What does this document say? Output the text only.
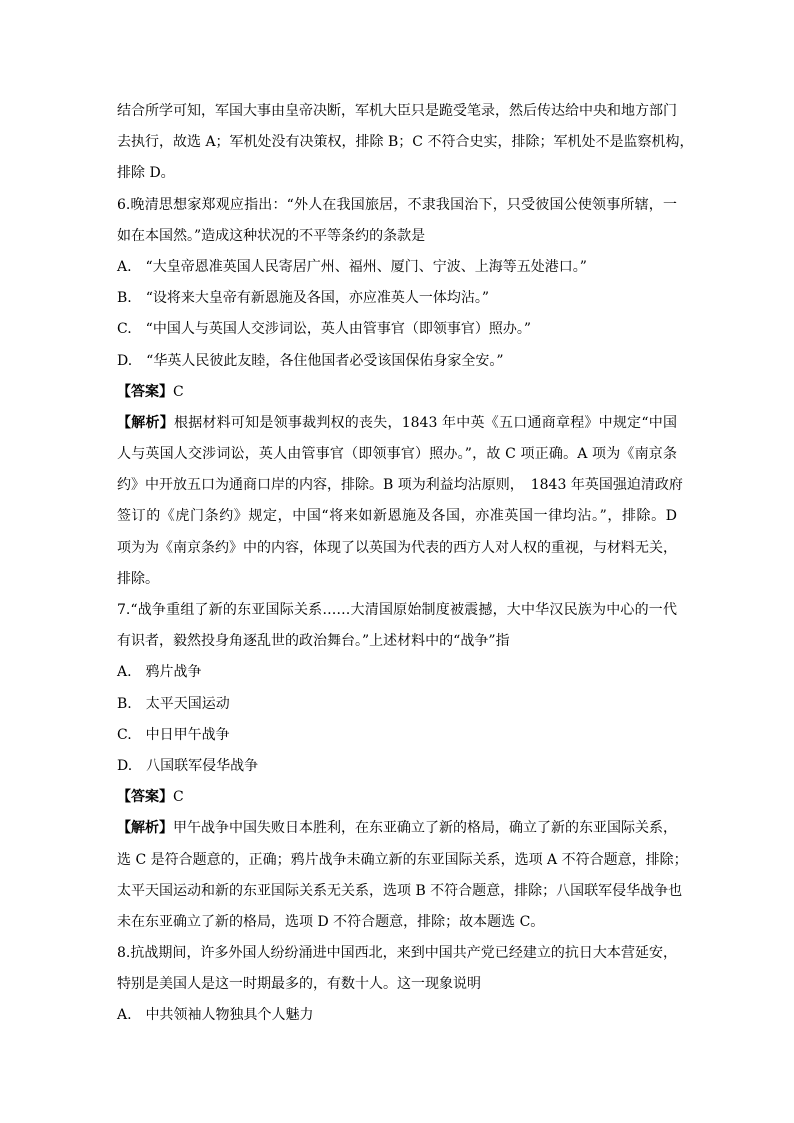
结合所学可知，军国大事由皇帝决断，军机大臣只是跪受笔录，然后传达给中央和地方部门
去执行，故选 A；军机处没有决策权，排除 B；C 不符合史实，排除；军机处不是监察机构，
排除 D。
6.晚清思想家郑观应指出：“外人在我国旅居，不隶我国治下，只受彼国公使领事所辖，一
如在本国然。”造成这种状况的不平等条约的条款是
A.　“大皇帝恩准英国人民寄居广州、福州、厦门、宁波、上海等五处港口。”
B.　“设将来大皇帝有新恩施及各国，亦应准英人一体均沾。”
C.　“中国人与英国人交涉词讼，英人由管事官（即领事官）照办。”
D.　“华英人民彼此友睦，各住他国者必受该国保佑身家全安。”
【答案】C
【解析】根据材料可知是领事裁判权的丧失，1843 年中英《五口通商章程》中规定“中国
人与英国人交涉词讼，英人由管事官（即领事官）照办。”，故 C 项正确。A 项为《南京条
约》中开放五口为通商口岸的内容，排除。B 项为利益均沾原则，　1843 年英国强迫清政府
签订的《虎门条约》规定，中国“将来如新恩施及各国，亦准英国一律均沾。”，排除。D
项为为《南京条约》中的内容，体现了以英国为代表的西方人对人权的重视，与材料无关，
排除。
7.“战争重组了新的东亚国际关系……大清国原始制度被震撼，大中华汉民族为中心的一代
有识者，毅然投身角逐乱世的政治舞台。”上述材料中的“战争”指
A.　鸦片战争
B.　太平天国运动
C.　中日甲午战争
D.　八国联军侵华战争
【答案】C
【解析】甲午战争中国失败日本胜利，在东亚确立了新的格局，确立了新的东亚国际关系，
选 C 是符合题意的，正确；鸦片战争未确立新的东亚国际关系，选项 A 不符合题意，排除；
太平天国运动和新的东亚国际关系无关系，选项 B 不符合题意，排除；八国联军侵华战争也
未在东亚确立了新的格局，选项 D 不符合题意，排除；故本题选 C。
8.抗战期间，许多外国人纷纷涌进中国西北，来到中国共产党已经建立的抗日大本营延安，
特别是美国人是这一时期最多的，有数十人。这一现象说明
A.　中共领袖人物独具个人魅力
